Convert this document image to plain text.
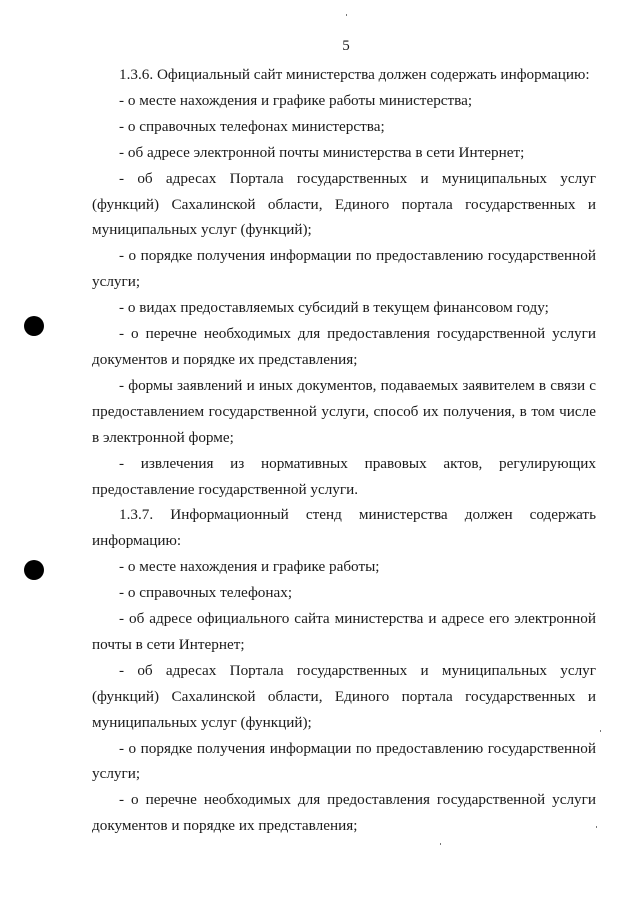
5

1.3.6. Официальный сайт министерства должен содержать информацию:

- о месте нахождения и графике работы министерства;

- о справочных телефонах министерства;

- об адресе электронной почты министерства в сети Интернет;

- об адресах Портала государственных и муниципальных услуг (функций) Сахалинской области, Единого портала государственных и муниципальных услуг (функций);

- о порядке получения информации по предоставлению государственной услуги;

- о видах предоставляемых субсидий в текущем финансовом году;

- о перечне необходимых для предоставления государственной услуги документов и порядке их представления;

- формы заявлений и иных документов, подаваемых заявителем в связи с предоставлением государственной услуги, способ их получения, в том числе в электронной форме;

- извлечения из нормативных правовых актов, регулирующих предоставление государственной услуги.

1.3.7. Информационный стенд министерства должен содержать информацию:

- о месте нахождения и графике работы;

- о справочных телефонах;

- об адресе официального сайта министерства и адресе его электронной почты в сети Интернет;

- об адресах Портала государственных и муниципальных услуг (функций) Сахалинской области, Единого портала государственных и муниципальных услуг (функций);

- о порядке получения информации по предоставлению государственной услуги;

- о перечне необходимых для предоставления государственной услуги документов и порядке их представления;
